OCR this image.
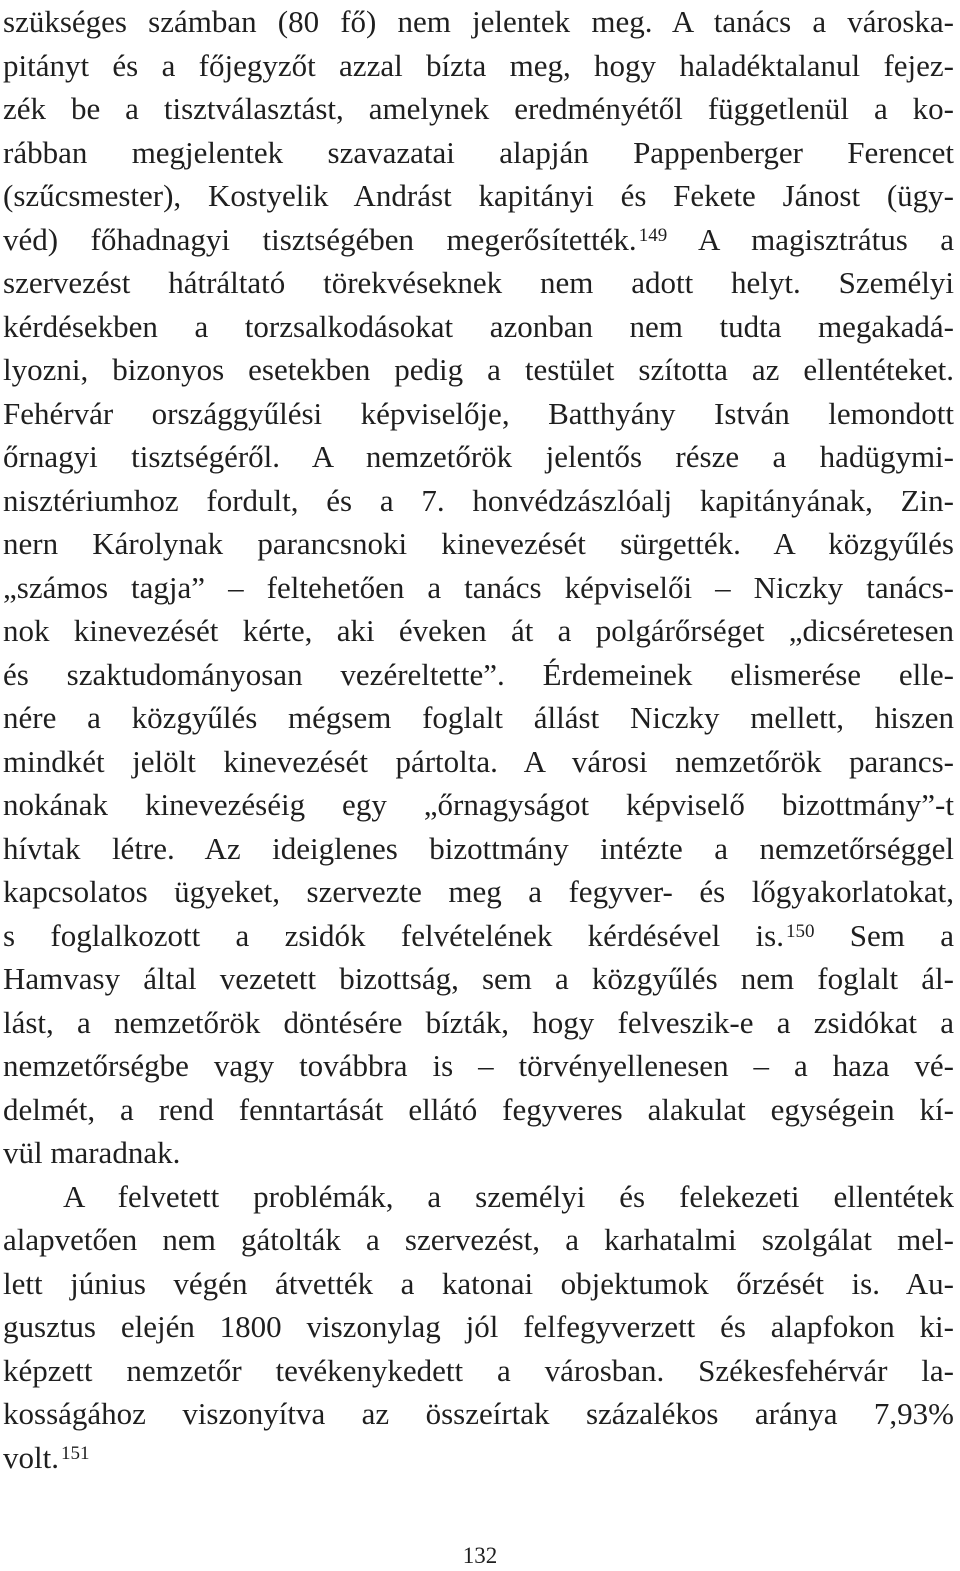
szükséges számban (80 fő) nem jelentek meg. A tanács a városka-
pitányt és a főjegyzőt azzal bízta meg, hogy haladéktalanul fejez-
zék be a tisztválasztást, amelynek eredményétől függetlenül a ko-
rábban megjelentek szavazatai alapján Pappenberger Ferencet
(szűcsmester), Kostyelik Andrást kapitányi és Fekete Jánost (ügy-
véd) főhadnagyi tisztségében megerősítették. $^{149}$ A magisztrátus a
szervezést hátráltató törekvéseknek nem adott helyt. Személyi
kérdésekben a torzsalkodásokat azonban nem tudta megakadá-
lyozni, bizonyos esetekben pedig a testület szította az ellentéteket.
Fehérvár országgyűlési képviselője, Batthyány István lemondott
őrnagyi tisztségéről. A nemzetőrök jelentős része a hadügymi-
nisztériumhoz fordult, és a 7. honvédzászlóalj kapitányának, Zin-
nern Károlynak parancsnoki kinevezését sürgették. A közgyűlés
„számos tagja” – feltehetően a tanács képviselői – Niczky tanács-
nok kinevezését kérte, aki éveken át a polgárőrséget „dicséretesen
és szaktudományosan vezéreltette”. Érdemeinek elismerése elle-
nére a közgyűlés mégsem foglalt állást Niczky mellett, hiszen
mindkét jelölt kinevezését pártolta. A városi nemzetőrök parancs-
nokának kinevezéséig egy „őrnagyságot képviselő bizottmány”-t
hívtak létre. Az ideiglenes bizottmány intézte a nemzetőrséggel
kapcsolatos ügyeket, szervezte meg a fegyver- és lőgyakorlatokat,
s foglalkozott a zsidók felvételének kérdésével is. $^{150}$ Sem a
Hamvasy által vezetett bizottság, sem a közgyűlés nem foglalt ál-
lást, a nemzetőrök döntésére bízták, hogy felveszik-e a zsidókat a
nemzetőrségbe vagy továbbra is – törvényellenesen – a haza vé-
delmét, a rend fenntartását ellátó fegyveres alakulat egységein kí-
vül maradnak.
A felvetett problémák, a személyi és felekezeti ellentétek
alapvetően nem gátolták a szervezést, a karhatalmi szolgálat mel-
lett június végén átvették a katonai objektumok őrzését is. Au-
gusztus elején 1800 viszonylag jól felfegyverzett és alapfokon ki-
képzett nemzetőr tevékenykedett a városban. Székesfehérvár la-
kosságához viszonyítva az összeírtak százalékos aránya 7,93%
volt. $^{151}$
132
